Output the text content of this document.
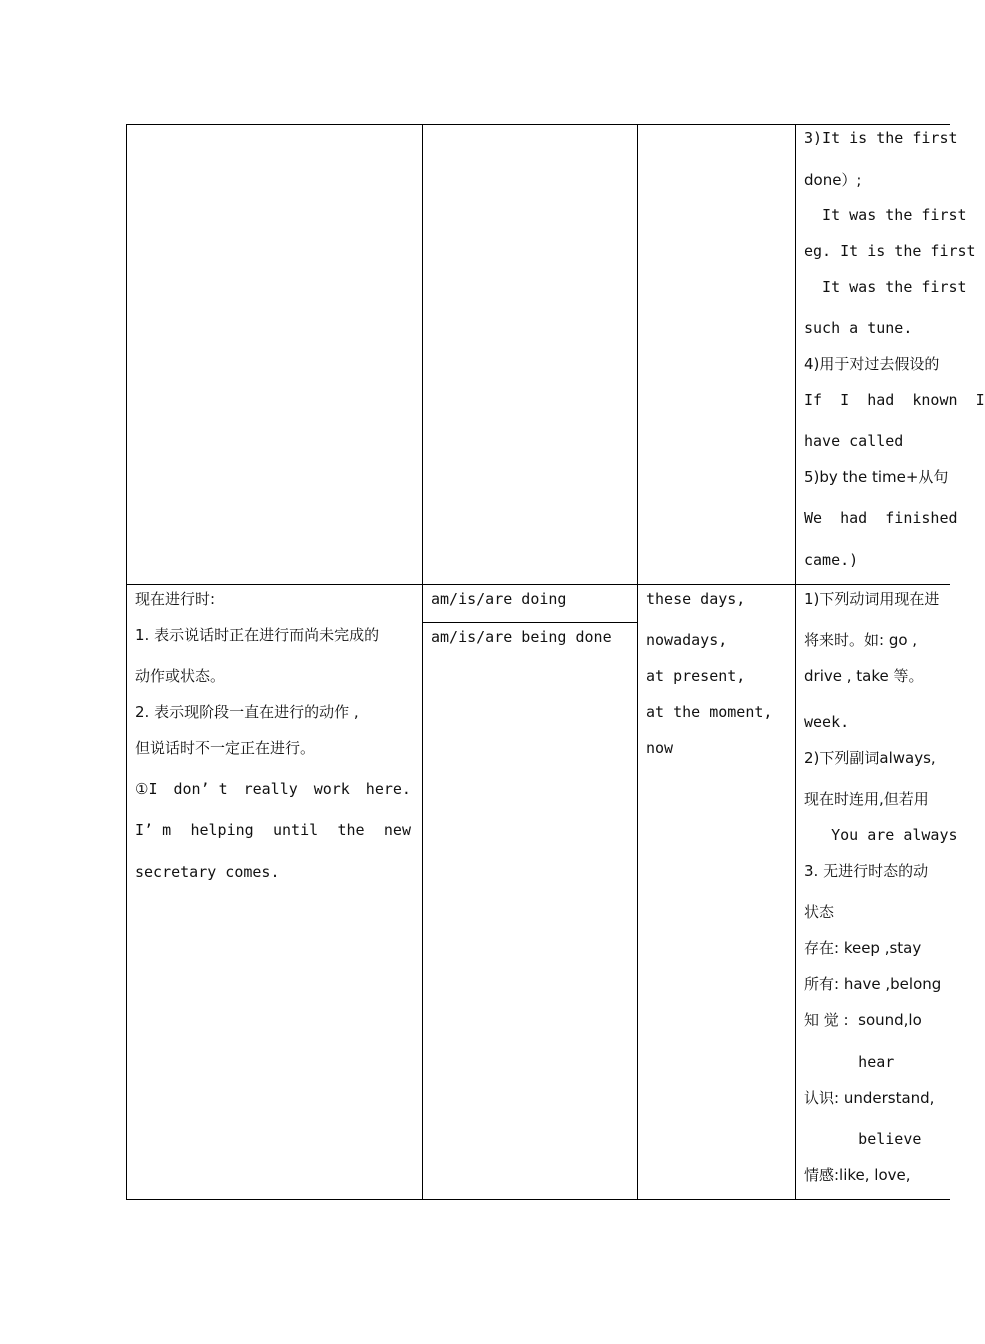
3)It is the first
done）;
It was the first
eg. It is the first
It was the first
such a tune.
4)用于对过去假设的
If  I  had  known  I
have called
5)by the time+从句
We  had  finished
came.)
现在进行时:
1. 表示说话时正在进行而尚未完成的
动作或状态。
2. 表示现阶段一直在进行的动作 ,
但说话时不一定正在进行。
①I don’ t really work here.
I’ m helping until the new
secretary comes.
am/is/are doing
am/is/are being done
these days,
nowadays,
at present,
at the moment,
now
1)下列动词用现在进
将来时。如: go ,
drive , take 等。
week.
2)下列副词always,
现在时连用,但若用
You are always
3. 无进行时态的动
状态
存在: keep ,stay
所有: have ,belong
知 觉 :  sound,lo
hear
认识: understand,
believe
情感:like, love,
